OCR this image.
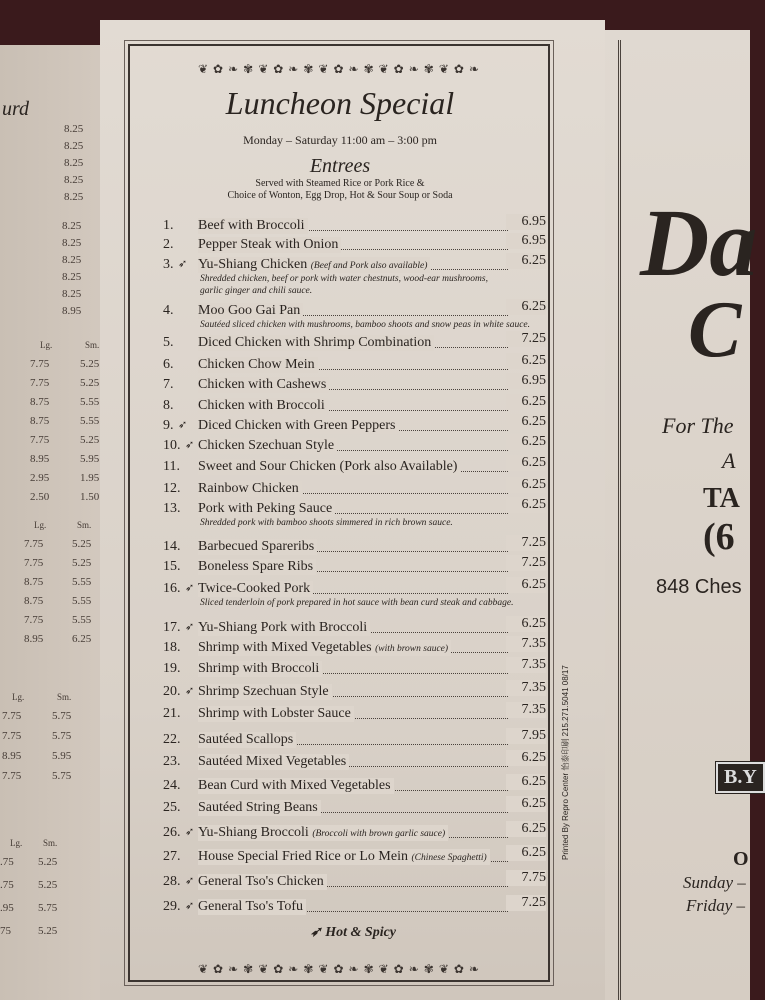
urd
8.25
8.25
8.25
8.25
8.25
8.25
8.25
8.25
8.25
8.25
8.95
Lg.	Sm.
7.75	5.25
7.75	5.25
8.75	5.55
8.75	5.55
7.75	5.25
8.95	5.95
2.95	1.95
2.50	1.50
Lg.	Sm.
7.75	5.25
7.75	5.25
8.75	5.55
8.75	5.55
7.75	5.55
8.95	6.25
Lg.	Sm.
7.75	5.75
7.75	5.75
8.95	5.95
7.75	5.75
Lg. Sm.
.75 5.25
.75 5.25
.95 5.75
75 5.25
❦ ✿ ❧ ✾ ❦ ✿ ❧ ✾ ❦ ✿ ❧ ✾ ❦ ✿ ❧ ✾ ❦ ✿ ❧
❦ ✿ ❧ ✾ ❦ ✿ ❧ ✾ ❦ ✿ ❧ ✾ ❦ ✿ ❧ ✾ ❦ ✿ ❧
Luncheon Special
Monday – Saturday 11:00 am – 3:00 pm
Entrees
Served with Steamed Rice or Pork Rice &
Choice of Wonton, Egg Drop, Hot & Sour Soup or Soda
1.	Beef with Broccoli	6.95
2.	Pepper Steak with Onion	6.95
3. ➶ Yu-Shiang Chicken (Beef and Pork also available)	6.25
Shredded chicken, beef or pork with water chestnuts, wood-ear mushrooms,
garlic ginger and chili sauce.
4.	Moo Goo Gai Pan	6.25
Sautéed sliced chicken with mushrooms, bamboo shoots and snow peas in white sauce.
5.	Diced Chicken with Shrimp Combination	7.25
6.	Chicken Chow Mein	6.25
7.	Chicken with Cashews	6.95
8.	Chicken with Broccoli	6.25
9. ➶ Diced Chicken with Green Peppers	6.25
10. ➶ Chicken Szechuan Style	6.25
11.	Sweet and Sour Chicken (Pork also Available)	6.25
12.	Rainbow Chicken	6.25
13.	Pork with Peking Sauce	6.25
Shredded pork with bamboo shoots simmered in rich brown sauce.
14.	Barbecued Spareribs	7.25
15.	Boneless Spare Ribs	7.25
16. ➶ Twice-Cooked Pork	6.25
Sliced tenderloin of pork prepared in hot sauce with bean curd steak and cabbage.
17. ➶ Yu-Shiang Pork with Broccoli	6.25
18.	Shrimp with Mixed Vegetables (with brown sauce)	7.35
19.	Shrimp with Broccoli	7.35
20. ➶ Shrimp Szechuan Style	7.35
21.	Shrimp with Lobster Sauce	7.35
22.	Sautéed Scallops	7.95
23.	Sautéed Mixed Vegetables	6.25
24.	Bean Curd with Mixed Vegetables	6.25
25.	Sautéed String Beans	6.25
26. ➶ Yu-Shiang Broccoli (Broccoli with brown garlic sauce)	6.25
27.	House Special Fried Rice or Lo Mein (Chinese Spaghetti)	6.25
28. ➶ General Tso's Chicken	7.75
29. ➶ General Tso's Tofu	7.25
➶ Hot & Spicy
Printed By Repro Center 怡泰印刷 215.271.5041 08/17
Da
C
For The
A
TA
(6
848 Ches
B.Y
O
Sunday –
Friday –
